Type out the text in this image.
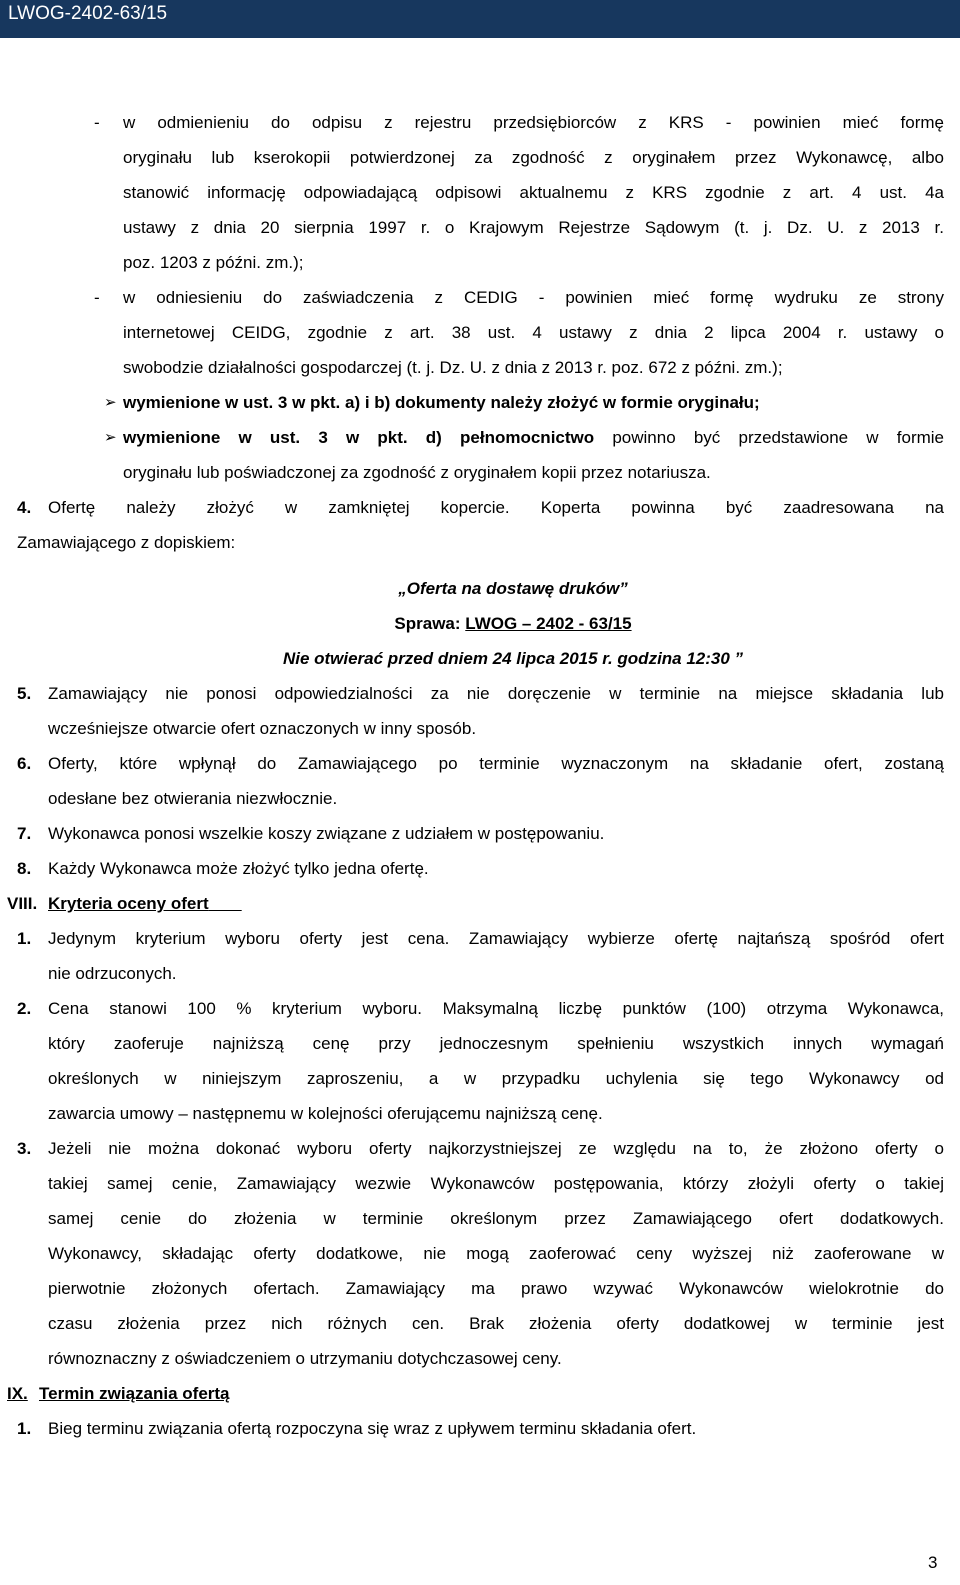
LWOG-2402-63/15
- w odmienieniu do odpisu z rejestru przedsiębiorców z KRS - powinien mieć formę
oryginału lub kserokopii potwierdzonej za zgodność z oryginałem przez Wykonawcę, albo
stanowić informację odpowiadającą odpisowi aktualnemu z KRS zgodnie z art. 4 ust. 4a
ustawy z dnia 20 sierpnia 1997 r. o Krajowym Rejestrze Sądowym (t. j. Dz. U. z 2013 r.
poz. 1203 z późni. zm.);
- w odniesieniu do zaświadczenia z CEDIG - powinien mieć formę wydruku ze strony
internetowej CEIDG, zgodnie z art. 38 ust. 4 ustawy z dnia 2 lipca 2004 r. ustawy o
swobodzie działalności gospodarczej (t. j. Dz. U. z dnia z 2013 r. poz. 672 z późni. zm.);
➢ wymienione w ust. 3 w pkt. a) i b) dokumenty należy złożyć w formie oryginału;
➢ wymienione w ust. 3 w pkt. d) pełnomocnictwo powinno być przedstawione w formie
oryginału lub poświadczonej za zgodność z oryginałem kopii przez notariusza.
4. Ofertę należy złożyć w zamkniętej kopercie. Koperta powinna być zaadresowana na
Zamawiającego z dopiskiem:
„Oferta na dostawę druków”
Sprawa: LWOG – 2402 - 63/15
Nie otwierać przed dniem 24 lipca 2015 r. godzina 12:30 ”
5. Zamawiający nie ponosi odpowiedzialności za nie doręczenie w terminie na miejsce składania lub
wcześniejsze otwarcie ofert oznaczonych w inny sposób.
6. Oferty, które wpłynął do Zamawiającego po terminie wyznaczonym na składanie ofert, zostaną
odesłane bez otwierania niezwłocznie.
7. Wykonawca ponosi wszelkie koszy związane z udziałem w postępowaniu.
8. Każdy Wykonawca może złożyć tylko jedna ofertę.
VIII. Kryteria oceny ofert
1. Jedynym kryterium wyboru oferty jest cena. Zamawiający wybierze ofertę najtańszą spośród ofert
nie odrzuconych.
2. Cena stanowi 100 % kryterium wyboru. Maksymalną liczbę punktów (100) otrzyma Wykonawca,
który zaoferuje najniższą cenę przy jednoczesnym spełnieniu wszystkich innych wymagań
określonych w niniejszym zaproszeniu, a w przypadku uchylenia się tego Wykonawcy od
zawarcia umowy – następnemu w kolejności oferującemu najniższą cenę.
3. Jeżeli nie można dokonać wyboru oferty najkorzystniejszej ze względu na to, że złożono oferty o
takiej samej cenie, Zamawiający wezwie Wykonawców postępowania, którzy złożyli oferty o takiej
samej cenie do złożenia w terminie określonym przez Zamawiającego ofert dodatkowych.
Wykonawcy, składając oferty dodatkowe, nie mogą zaoferować ceny wyższej niż zaoferowane w
pierwotnie złożonych ofertach. Zamawiający ma prawo wzywać Wykonawców wielokrotnie do
czasu złożenia przez nich różnych cen. Brak złożenia oferty dodatkowej w terminie jest
równoznaczny z oświadczeniem o utrzymaniu dotychczasowej ceny.
IX. Termin związania ofertą
1. Bieg terminu związania ofertą rozpoczyna się wraz z upływem terminu składania ofert.
3
